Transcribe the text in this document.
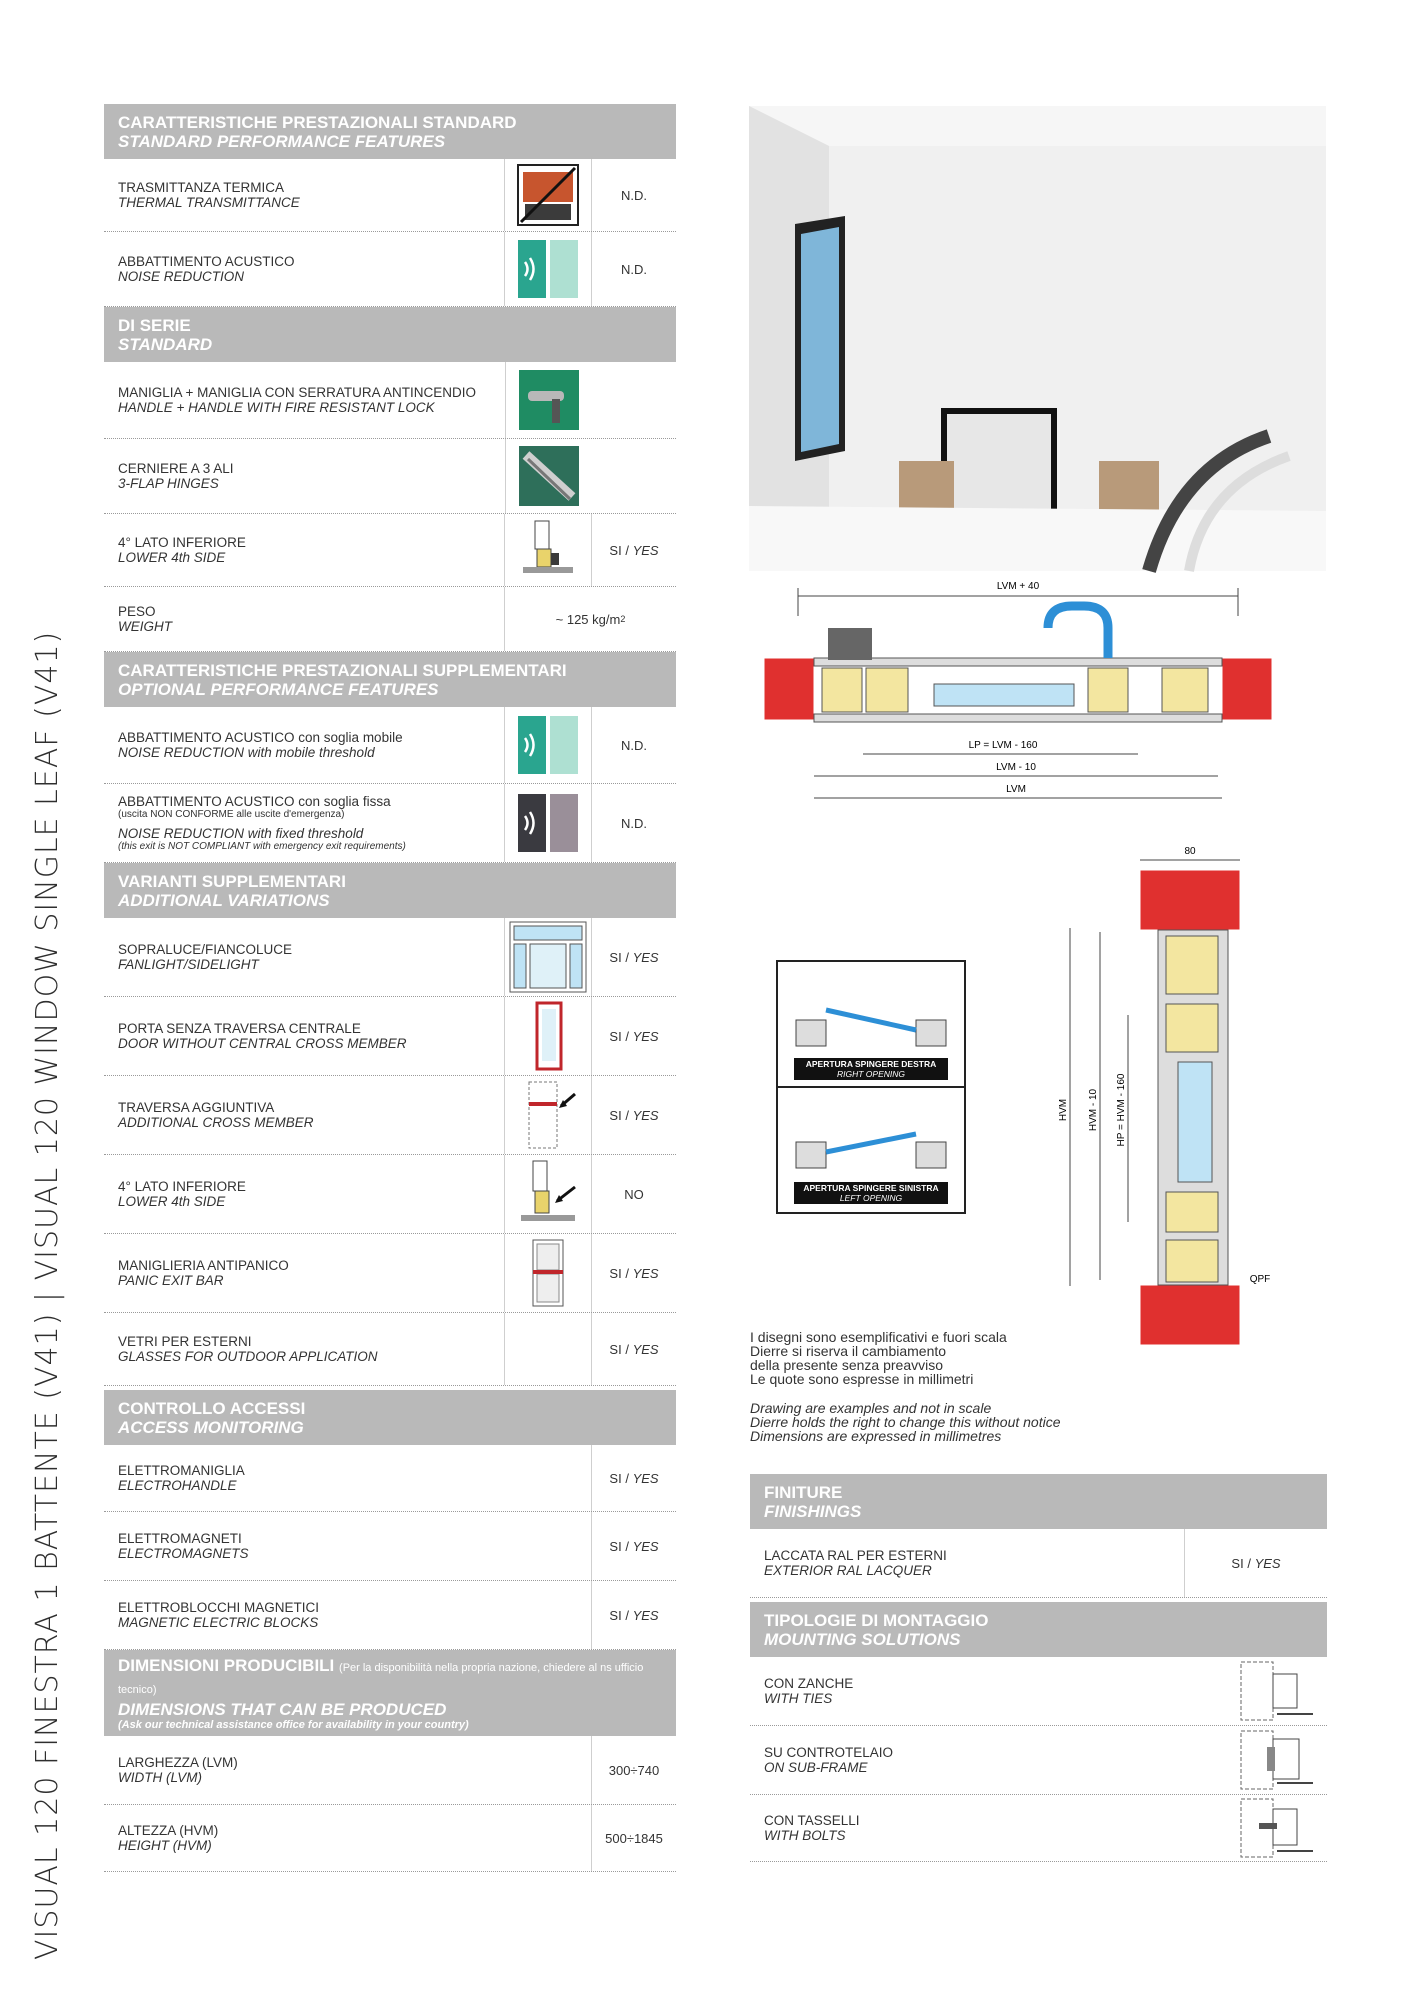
VISUAL 120 FINESTRA 1 BATTENTE (V41) | VISUAL 120 WINDOW SINGLE LEAF (V41)
CARATTERISTICHE PRESTAZIONALI STANDARD
STANDARD PERFORMANCE FEATURES
TRASMITTANZA TERMICA
THERMAL TRANSMITTANCE	N.D.
ABBATTIMENTO ACUSTICO
NOISE REDUCTION	N.D.
DI SERIE
STANDARD
MANIGLIA + MANIGLIA CON SERRATURA ANTINCENDIO
HANDLE + HANDLE WITH FIRE RESISTANT LOCK
CERNIERE A 3 ALI
3-FLAP HINGES
4° LATO INFERIORE
LOWER 4th SIDE	SI / YES
PESO
WEIGHT	~ 125 kg/m 2
CARATTERISTICHE PRESTAZIONALI SUPPLEMENTARI
OPTIONAL PERFORMANCE FEATURES
ABBATTIMENTO ACUSTICO con soglia mobile
NOISE REDUCTION with mobile threshold	N.D.
ABBATTIMENTO ACUSTICO con soglia fissa
(uscita NON CONFORME alle uscite d'emergenza)
NOISE REDUCTION with fixed threshold
(this exit is NOT COMPLIANT with emergency exit requirements)
N.D.
VARIANTI SUPPLEMENTARI
ADDITIONAL VARIATIONS
SOPRALUCE/FIANCOLUCE
FANLIGHT/SIDELIGHT	SI / YES
PORTA SENZA TRAVERSA CENTRALE
DOOR WITHOUT CENTRAL CROSS MEMBER	SI / YES
TRAVERSA AGGIUNTIVA
ADDITIONAL CROSS MEMBER	SI / YES
4° LATO INFERIORE
LOWER 4th SIDE	NO
MANIGLIERIA ANTIPANICO
PANIC EXIT BAR	SI / YES
VETRI PER ESTERNI
GLASSES FOR OUTDOOR APPLICATION	SI / YES
CONTROLLO ACCESSI
ACCESS MONITORING
ELETTROMANIGLIA
ELECTROHANDLE	SI / YES
ELETTROMAGNETI
ELECTROMAGNETS	SI / YES
ELETTROBLOCCHI MAGNETICI
MAGNETIC ELECTRIC BLOCKS	SI / YES
DIMENSIONI PRODUCIBILI (Per la disponibilità nella propria nazione, chiedere al ns ufficio tecnico)
DIMENSIONS THAT CAN BE PRODUCED
(Ask our technical assistance office for availability in your country)
LARGHEZZA (LVM)
WIDTH (LVM)	300÷740
ALTEZZA (HVM)
HEIGHT (HVM)	500÷1845
LVM + 40
LP = LVM - 160
LVM - 10
LVM
APERTURA SPINGERE DESTRA
RIGHT OPENING
APERTURA SPINGERE SINISTRA
LEFT OPENING
80
HVM HVM - 10 HP = HVM - 160
QPF

I disegni sono esemplificativi e fuori scala
Dierre si riserva il cambiamento
della presente senza preavviso
Le quote sono espresse in millimetri

Drawing are examples and not in scale
Dierre holds the right to change this without notice
Dimensions are expressed in millimetres

FINITURE
FINISHINGS
LACCATA RAL PER ESTERNI
EXTERIOR RAL LACQUER	SI / YES
TIPOLOGIE DI MONTAGGIO
MOUNTING SOLUTIONS
CON ZANCHE
WITH TIES
SU CONTROTELAIO
ON SUB-FRAME
CON TASSELLI
WITH BOLTS
